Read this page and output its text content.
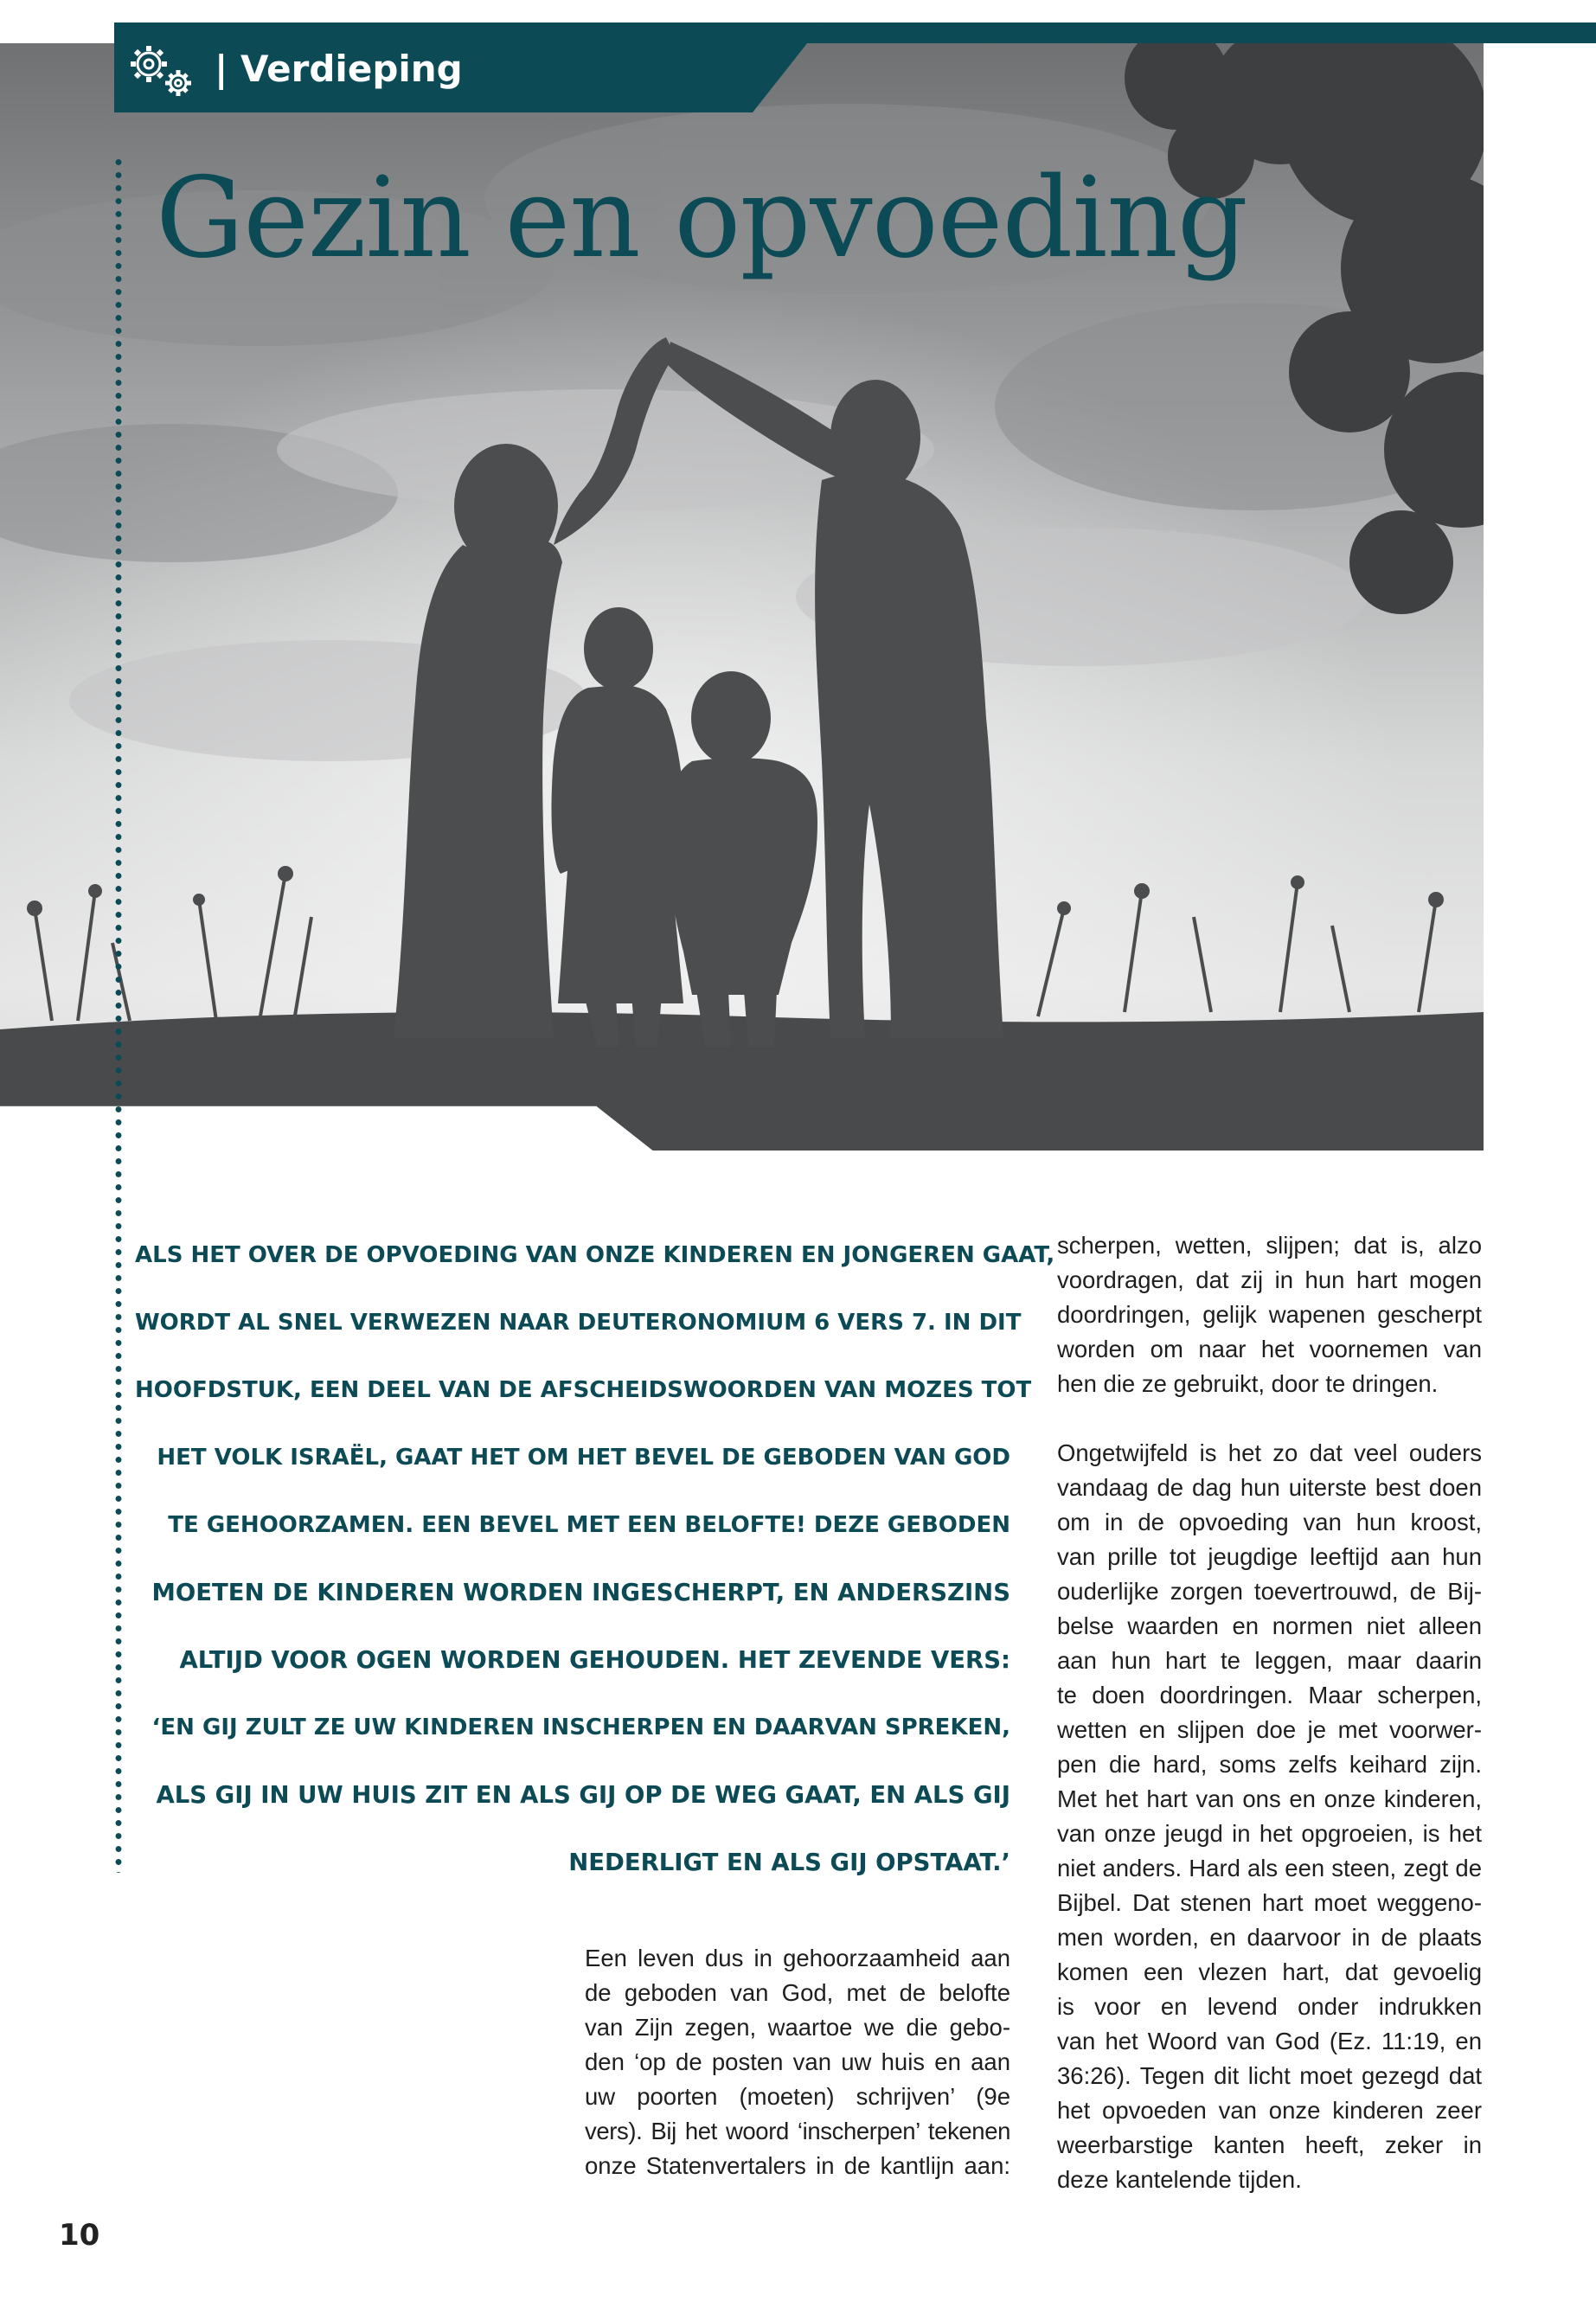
| Verdieping
Gezin en opvoeding
ALS HET OVER DE OPVOEDING VAN ONZE KINDEREN EN JONGEREN GAAT,
WORDT AL SNEL VERWEZEN NAAR DEUTERONOMIUM 6 VERS 7. IN DIT
HOOFDSTUK, EEN DEEL VAN DE AFSCHEIDSWOORDEN VAN MOZES TOT
HET VOLK ISRAËL, GAAT HET OM HET BEVEL DE GEBODEN VAN GOD
TE GEHOORZAMEN. EEN BEVEL MET EEN BELOFTE! DEZE GEBODEN
MOETEN DE KINDEREN WORDEN INGESCHERPT, EN ANDERSZINS
ALTIJD VOOR OGEN WORDEN GEHOUDEN. HET ZEVENDE VERS:
‘EN GIJ ZULT ZE UW KINDEREN INSCHERPEN EN DAARVAN SPREKEN,
ALS GIJ IN UW HUIS ZIT EN ALS GIJ OP DE WEG GAAT, EN ALS GIJ
NEDERLIGT EN ALS GIJ OPSTAAT.’

Een leven dus in gehoorzaamheid aan
de geboden van God, met de belofte
van Zijn zegen, waartoe we die gebo-
den ‘op de posten van uw huis en aan
uw poorten (moeten) schrijven’ (9e
vers). Bij het woord ‘inscherpen’ tekenen
onze Statenvertalers in de kantlijn aan:

scherpen, wetten, slijpen; dat is, alzo
voordragen, dat zij in hun hart mogen
doordringen, gelijk wapenen gescherpt
worden om naar het voornemen van
hen die ze gebruikt, door te dringen.

Ongetwijfeld is het zo dat veel ouders
vandaag de dag hun uiterste best doen
om in de opvoeding van hun kroost,
van prille tot jeugdige leeftijd aan hun
ouderlijke zorgen toevertrouwd, de Bij-
belse waarden en normen niet alleen
aan hun hart te leggen, maar daarin
te doen doordringen. Maar scherpen,
wetten en slijpen doe je met voorwer-
pen die hard, soms zelfs keihard zijn.
Met het hart van ons en onze kinderen,
van onze jeugd in het opgroeien, is het
niet anders. Hard als een steen, zegt de
Bijbel. Dat stenen hart moet weggeno-
men worden, en daarvoor in de plaats
komen een vlezen hart, dat gevoelig
is voor en levend onder indrukken
van het Woord van God (Ez. 11:19, en
36:26). Tegen dit licht moet gezegd dat
het opvoeden van onze kinderen zeer
weerbarstige kanten heeft, zeker in
deze kantelende tijden.

10
